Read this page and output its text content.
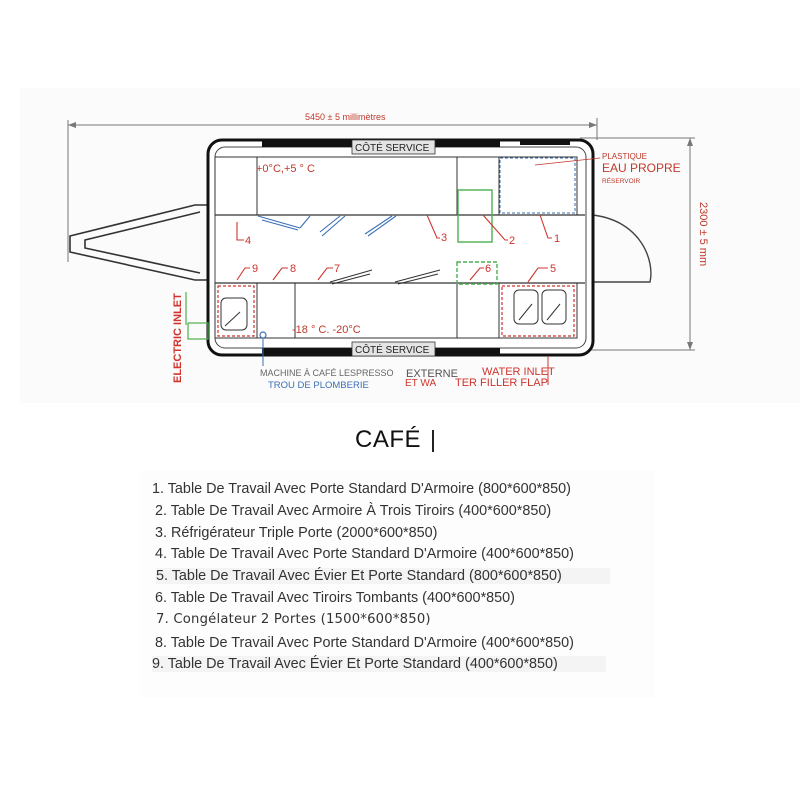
5450 ± 5 millimètres
2300 ± 5 mm
CÔTÉ SERVICE
CÔTÉ SERVICE
+0°C,+5 ° C
PLASTIQUE
EAU PROPRE
RÉSERVOIR
-18 ° C. -20°C
1
2
3
4
5
6
7
8
9
ELECTRIC INLET	MACHINE À CAFÉ LESPRESSO
TROU DE PLOMBERIE
EXTERNE
ET WA
WATER INLET
TER FILLER FLAP
CAFÉ
1. Table De Travail Avec Porte Standard D'Armoire (800*600*850)
2. Table De Travail Avec Armoire À Trois Tiroirs (400*600*850)
3. Réfrigérateur Triple Porte (2000*600*850)
4. Table De Travail Avec Porte Standard D'Armoire (400*600*850)
5. Table De Travail Avec Évier Et Porte Standard (800*600*850)
6. Table De Travail Avec Tiroirs Tombants (400*600*850)
7. Congélateur 2 Portes (1500*600*850)
8. Table De Travail Avec Porte Standard D'Armoire (400*600*850)
9. Table De Travail Avec Évier Et Porte Standard (400*600*850)
